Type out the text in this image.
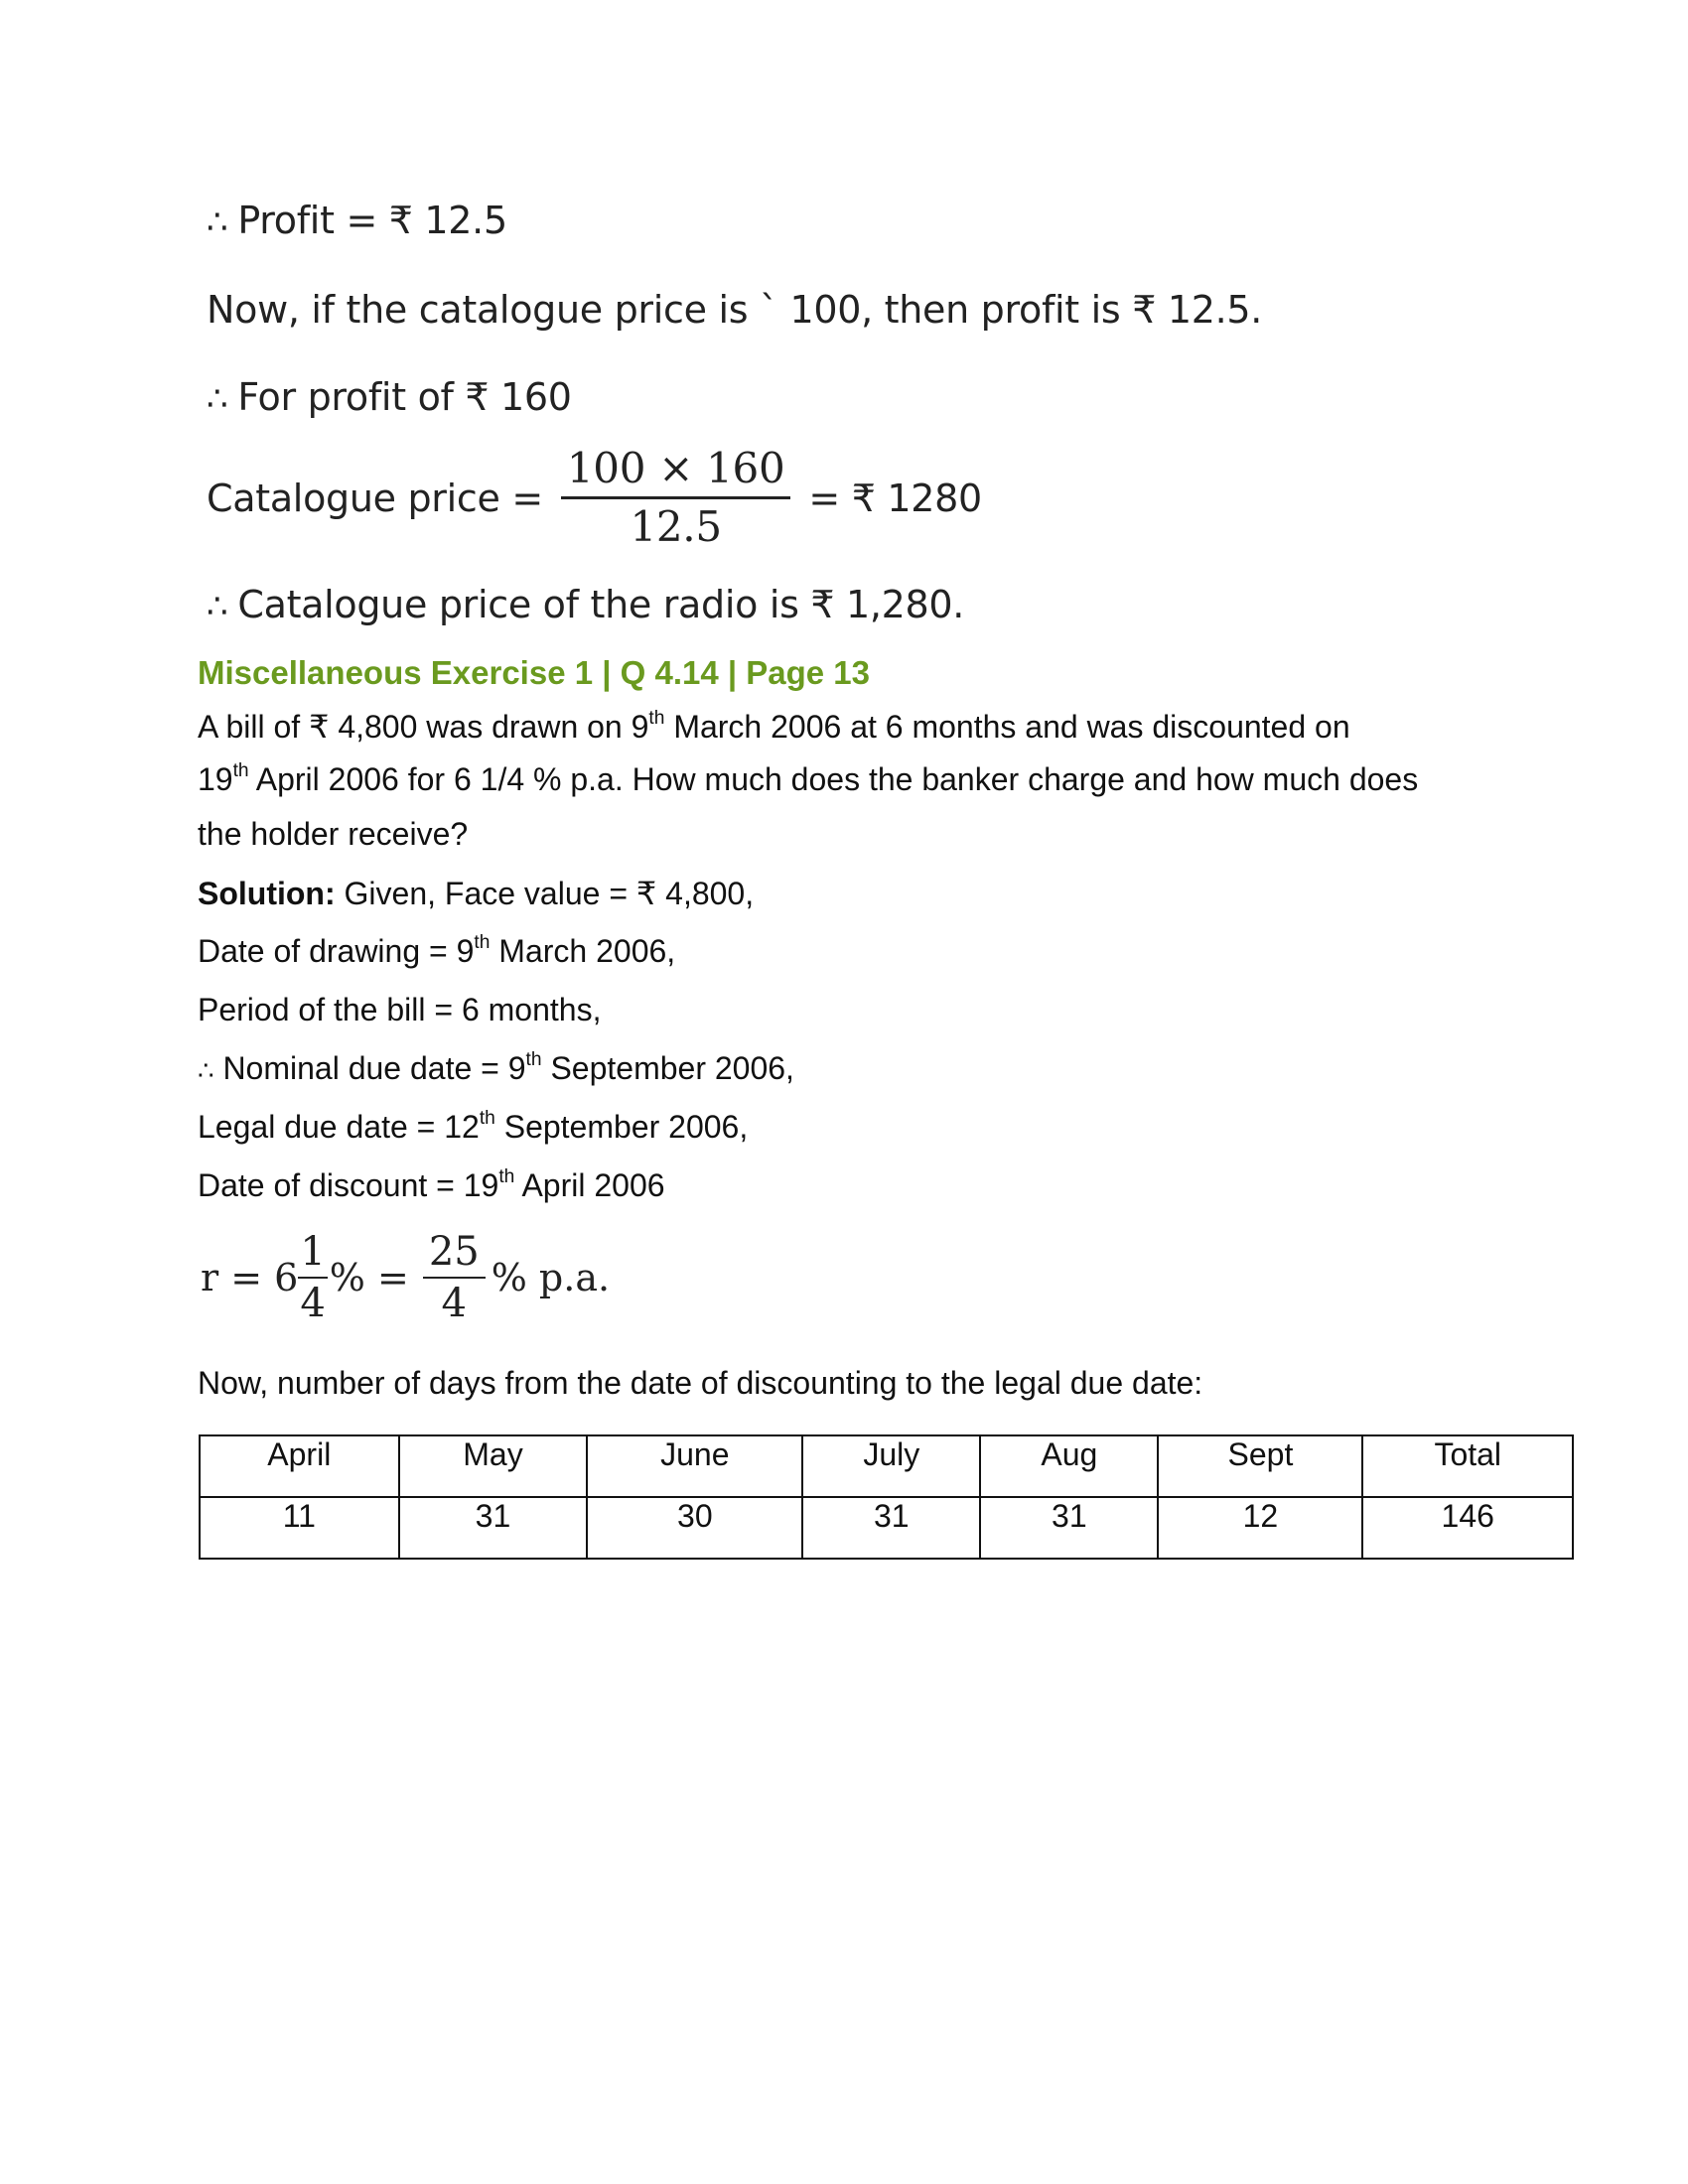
∴ Profit = ₹ 12.5
Now, if the catalogue price is ` 100, then profit is ₹ 12.5.
∴ For profit of ₹ 160
Catalogue price = $\frac{100 \times 160}{12.5}$ = ₹ 1280
∴ Catalogue price of the radio is ₹ 1,280.
Miscellaneous Exercise 1 | Q 4.14 | Page 13
A bill of ₹ 4,800 was drawn on 9th March 2006 at 6 months and was discounted on
19th April 2006 for 6 1/4 % p.a. How much does the banker charge and how much does
the holder receive?
Solution: Given, Face value = ₹ 4,800,
Date of drawing = 9th March 2006,
Period of the bill = 6 months,
∴ Nominal due date = 9th September 2006,
Legal due date = 12th September 2006,
Date of discount = 19th April 2006
$r = 6 \frac{1}{4}$ % = $\frac{25}{4}$ % p.a.
Now, number of days from the date of discounting to the legal due date:
April	May	June	July	Aug	Sept	Total
11	31	30	31	31	12	146
